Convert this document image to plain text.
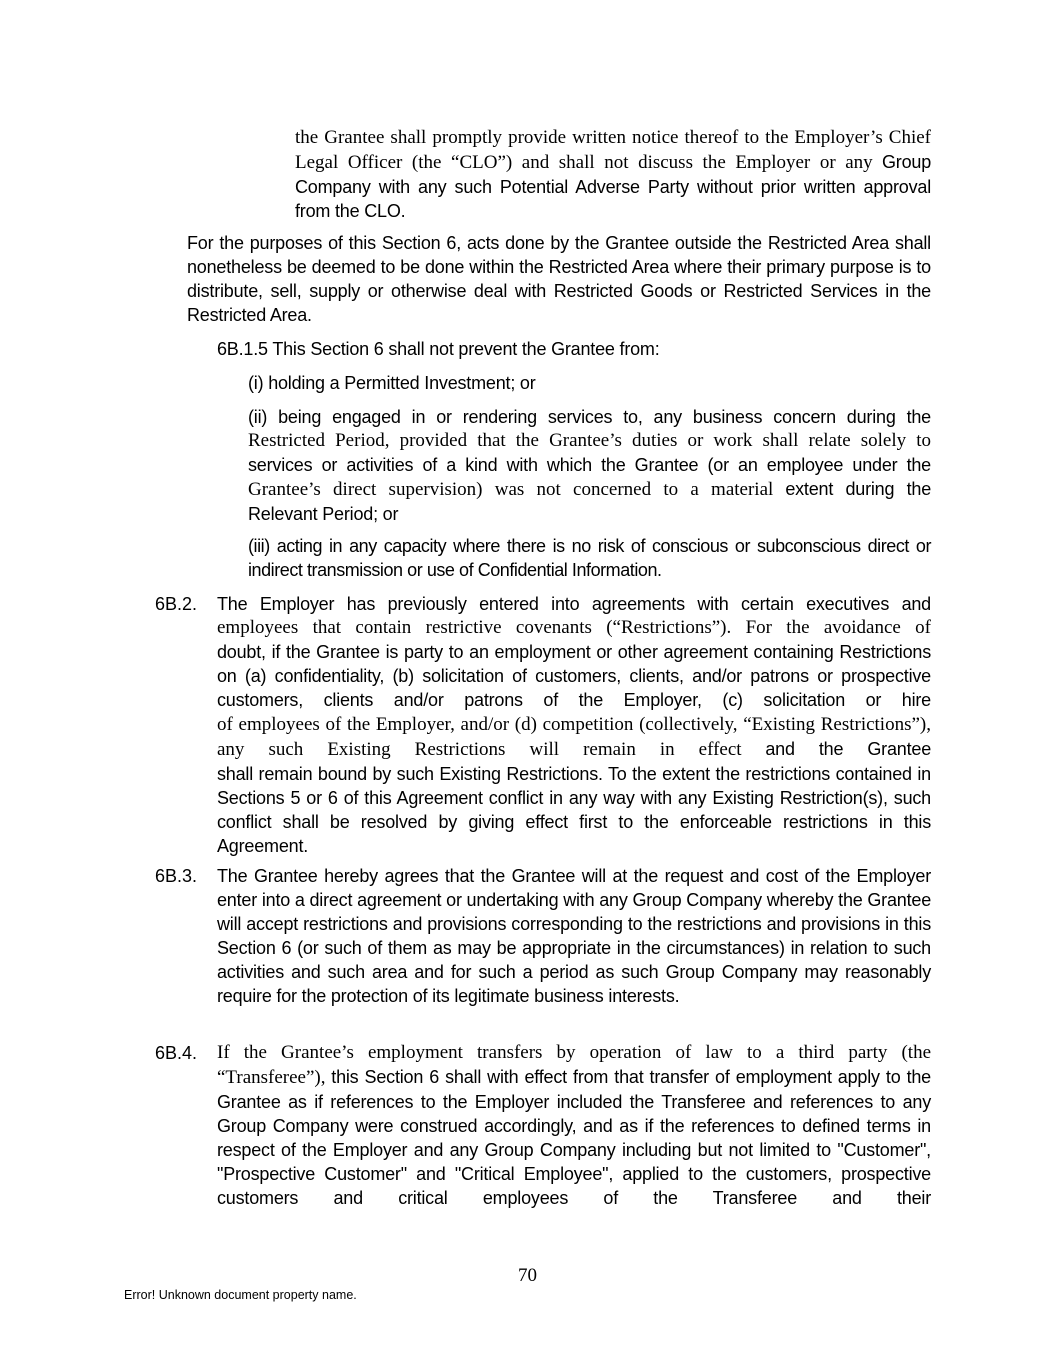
the Grantee shall promptly provide written notice thereof to the Employer’s Chief Legal Officer (the “CLO”) and shall not discuss the Employer or any Group Company with any such Potential Adverse Party without prior written approval from the CLO.

For the purposes of this Section 6, acts done by the Grantee outside the Restricted Area shall nonetheless be deemed to be done within the Restricted Area where their primary purpose is to distribute, sell, supply or otherwise deal with Restricted Goods or Restricted Services in the Restricted Area.

6B.1.5 This Section 6 shall not prevent the Grantee from:

(i) holding a Permitted Investment; or

(ii) being engaged in or rendering services to, any business concern during the
Restricted Period, provided that the Grantee’s duties or work shall relate solely to
services or activities of a kind with which the Grantee (or an employee under the
Grantee’s direct supervision) was not concerned to a material extent during the
Relevant Period; or

(iii) acting in any capacity where there is no risk of conscious or subconscious direct or indirect transmission or use of Confidential Information.

6B.2. The Employer has previously entered into agreements with certain executives and
employees that contain restrictive covenants (“Restrictions”). For the avoidance of
doubt, if the Grantee is party to an employment or other agreement containing Restrictions on (a) confidentiality, (b) solicitation of customers, clients, and/or patrons or prospective customers, clients and/or patrons of the Employer, (c) solicitation or hire
of employees of the Employer, and/or (d) competition (collectively, “Existing Restrictions”), any such Existing Restrictions will remain in effect and the Grantee
shall remain bound by such Existing Restrictions. To the extent the restrictions contained in Sections 5 or 6 of this Agreement conflict in any way with any Existing Restriction(s), such conflict shall be resolved by giving effect first to the enforceable restrictions in this Agreement.
6B.3. The Grantee hereby agrees that the Grantee will at the request and cost of the Employer enter into a direct agreement or undertaking with any Group Company whereby the Grantee will accept restrictions and provisions corresponding to the restrictions and provisions in this Section 6 (or such of them as may be appropriate in the circumstances) in relation to such activities and such area and for such a period as such Group Company may reasonably require for the protection of its legitimate business interests.

6B.4. If the Grantee’s employment transfers by operation of law to a third party (the
“Transferee”), this Section 6 shall with effect from that transfer of employment apply to the Grantee as if references to the Employer included the Transferee and references to any Group Company were construed accordingly, and as if the references to defined terms in respect of the Employer and any Group Company including but not limited to "Customer", "Prospective Customer" and "Critical Employee", applied to the customers, prospective customers and critical employees of the Transferee and their
70
Error! Unknown document property name.
